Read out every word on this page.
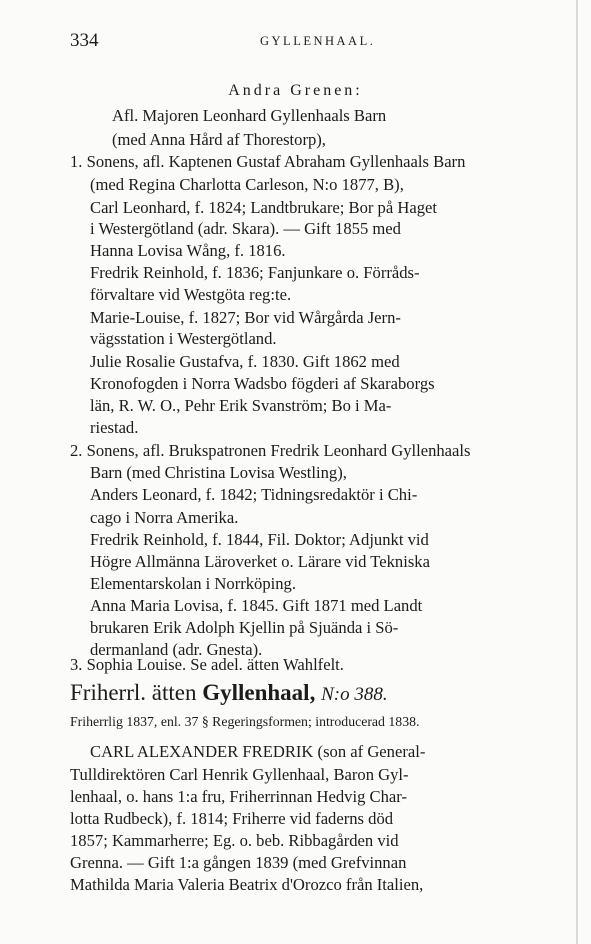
334	GYLLENHAAL.
Andra Grenen:
Afl. Majoren Leonhard Gyllenhaals Barn
(med Anna Hård af Thorestorp),
1. Sonens, afl. Kaptenen Gustaf Abraham Gyllenhaals Barn
(med Regina Charlotta Carleson, N:o 1877, B),
Carl Leonhard, f. 1824; Landtbrukare; Bor på Haget
i Westergötland (adr. Skara). — Gift 1855 med
Hanna Lovisa Wång, f. 1816.
Fredrik Reinhold, f. 1836; Fanjunkare o. Förråds-
förvaltare vid Westgöta reg:te.
Marie-Louise, f. 1827; Bor vid Wårgårda Jern-
vägsstation i Westergötland.
Julie Rosalie Gustafva, f. 1830. Gift 1862 med
Kronofogden i Norra Wadsbo fögderi af Skaraborgs
län, R. W. O., Pehr Erik Svanström; Bo i Ma-
riestad.
2. Sonens, afl. Brukspatronen Fredrik Leonhard Gyllenhaals
Barn (med Christina Lovisa Westling),
Anders Leonard, f. 1842; Tidningsredaktör i Chi-
cago i Norra Amerika.
Fredrik Reinhold, f. 1844, Fil. Doktor; Adjunkt vid
Högre Allmänna Läroverket o. Lärare vid Tekniska
Elementarskolan i Norrköping.
Anna Maria Lovisa, f. 1845. Gift 1871 med Landt
brukaren Erik Adolph Kjellin på Sjuända i Sö-
dermanland (adr. Gnesta).
3. Sophia Louise. Se adel. ätten Wahlfelt.
Friherrl. ätten Gyllenhaal, N:o 388.
Friherrlig 1837, enl. 37 § Regeringsformen; introducerad 1838.
CARL ALEXANDER FREDRIK (son af General-
Tulldirektören Carl Henrik Gyllenhaal, Baron Gyl-
lenhaal, o. hans 1:a fru, Friherrinnan Hedvig Char-
lotta Rudbeck), f. 1814; Friherre vid faderns död
1857; Kammarherre; Eg. o. beb. Ribbagården vid
Grenna. — Gift 1:a gången 1839 (med Grefvinnan
Mathilda Maria Valeria Beatrix d'Orozco från Italien,
